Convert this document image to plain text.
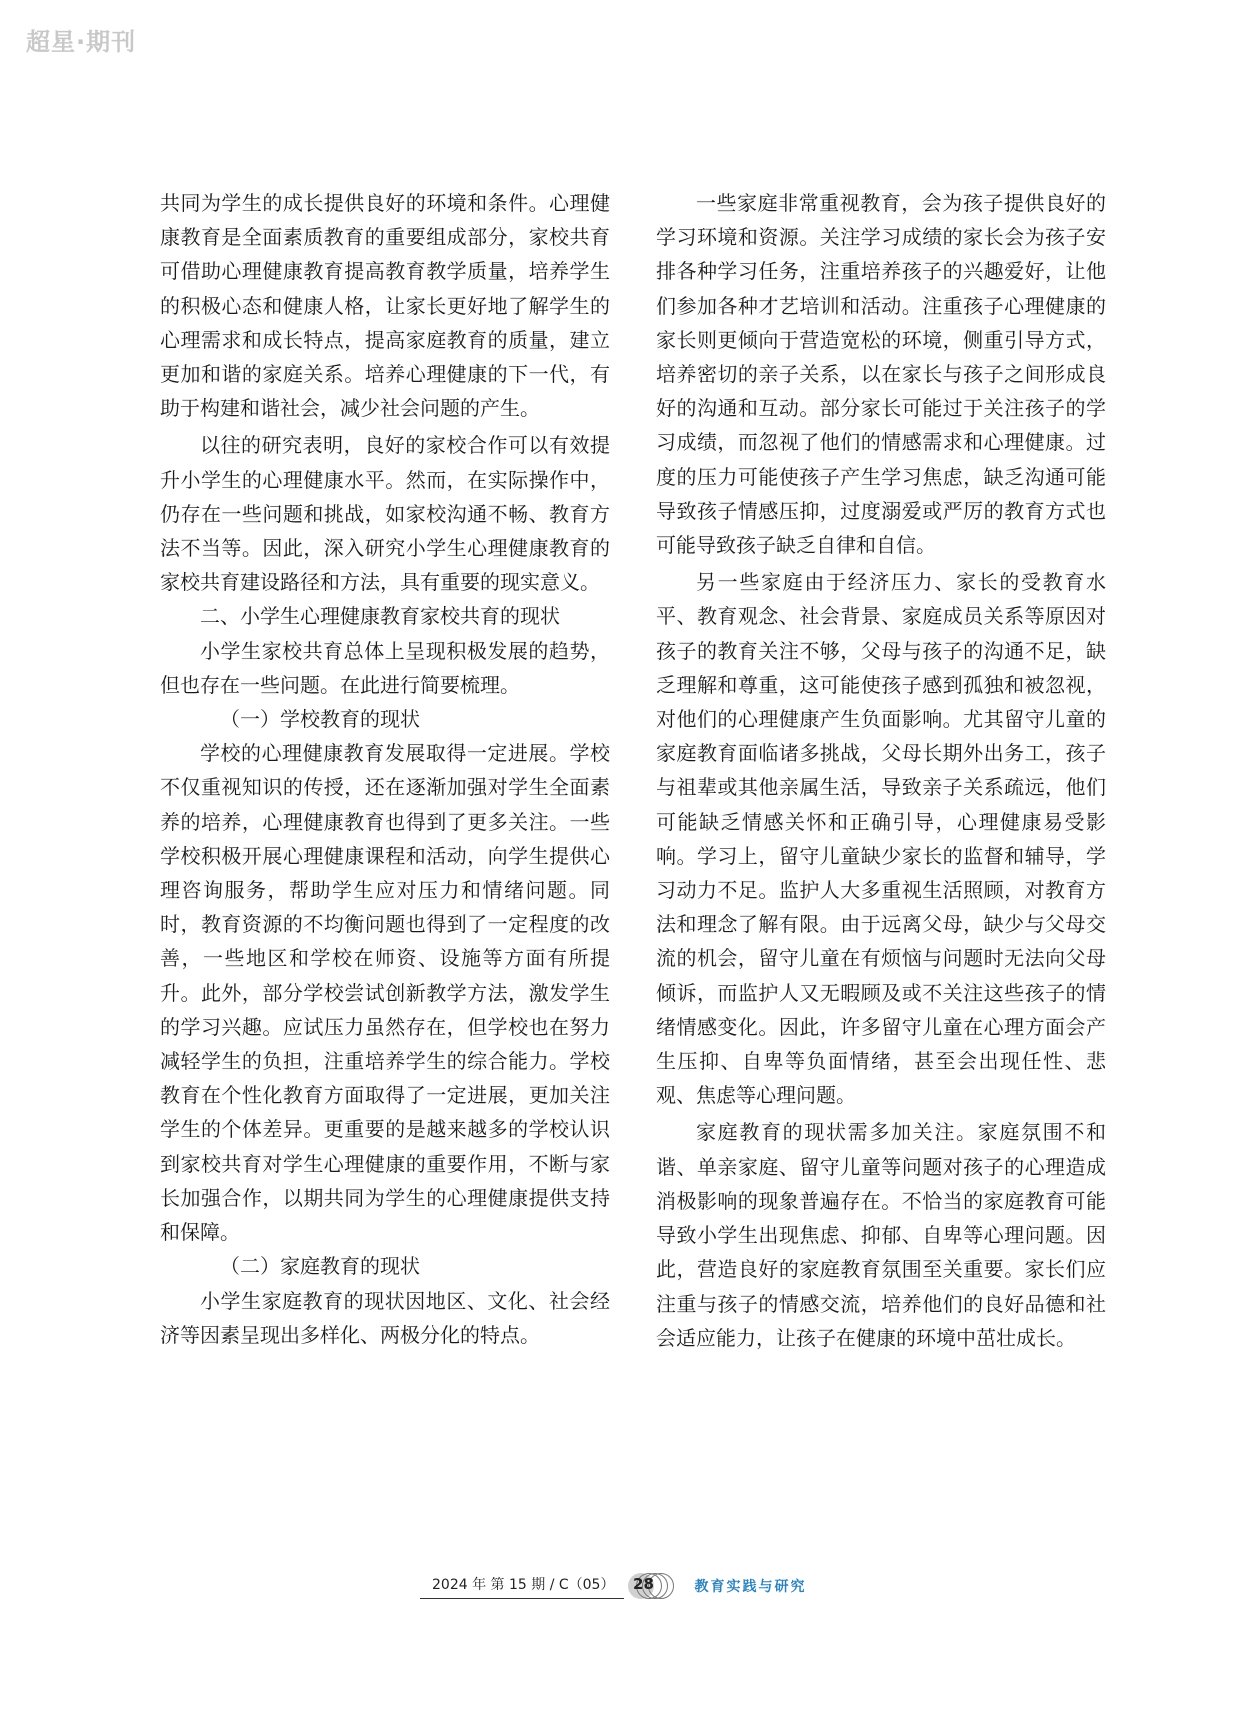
超星·期刊

共同为学生的成长提供良好的环境和条件。心理健康教育是全面素质教育的重要组成部分，家校共育可借助心理健康教育提高教育教学质量，培养学生的积极心态和健康人格，让家长更好地了解学生的心理需求和成长特点，提高家庭教育的质量，建立更加和谐的家庭关系。培养心理健康的下一代，有助于构建和谐社会，减少社会问题的产生。

以往的研究表明，良好的家校合作可以有效提升小学生的心理健康水平。然而，在实际操作中，仍存在一些问题和挑战，如家校沟通不畅、教育方法不当等。因此，深入研究小学生心理健康教育的家校共育建设路径和方法，具有重要的现实意义。

二、小学生心理健康教育家校共育的现状

小学生家校共育总体上呈现积极发展的趋势，但也存在一些问题。在此进行简要梳理。

（一）学校教育的现状

学校的心理健康教育发展取得一定进展。学校不仅重视知识的传授，还在逐渐加强对学生全面素养的培养，心理健康教育也得到了更多关注。一些学校积极开展心理健康课程和活动，向学生提供心理咨询服务，帮助学生应对压力和情绪问题。同时，教育资源的不均衡问题也得到了一定程度的改善，一些地区和学校在师资、设施等方面有所提升。此外，部分学校尝试创新教学方法，激发学生的学习兴趣。应试压力虽然存在，但学校也在努力减轻学生的负担，注重培养学生的综合能力。学校教育在个性化教育方面取得了一定进展，更加关注学生的个体差异。更重要的是越来越多的学校认识到家校共育对学生心理健康的重要作用，不断与家长加强合作，以期共同为学生的心理健康提供支持和保障。

（二）家庭教育的现状

小学生家庭教育的现状因地区、文化、社会经济等因素呈现出多样化、两极分化的特点。

一些家庭非常重视教育，会为孩子提供良好的学习环境和资源。关注学习成绩的家长会为孩子安排各种学习任务，注重培养孩子的兴趣爱好，让他们参加各种才艺培训和活动。注重孩子心理健康的家长则更倾向于营造宽松的环境，侧重引导方式，培养密切的亲子关系，以在家长与孩子之间形成良好的沟通和互动。部分家长可能过于关注孩子的学习成绩，而忽视了他们的情感需求和心理健康。过度的压力可能使孩子产生学习焦虑，缺乏沟通可能导致孩子情感压抑，过度溺爱或严厉的教育方式也可能导致孩子缺乏自律和自信。

另一些家庭由于经济压力、家长的受教育水平、教育观念、社会背景、家庭成员关系等原因对孩子的教育关注不够，父母与孩子的沟通不足，缺乏理解和尊重，这可能使孩子感到孤独和被忽视，对他们的心理健康产生负面影响。尤其留守儿童的家庭教育面临诸多挑战，父母长期外出务工，孩子与祖辈或其他亲属生活，导致亲子关系疏远，他们可能缺乏情感关怀和正确引导，心理健康易受影响。学习上，留守儿童缺少家长的监督和辅导，学习动力不足。监护人大多重视生活照顾，对教育方法和理念了解有限。由于远离父母，缺少与父母交流的机会，留守儿童在有烦恼与问题时无法向父母倾诉，而监护人又无暇顾及或不关注这些孩子的情绪情感变化。因此，许多留守儿童在心理方面会产生压抑、自卑等负面情绪，甚至会出现任性、悲观、焦虑等心理问题。

家庭教育的现状需多加关注。家庭氛围不和谐、单亲家庭、留守儿童等问题对孩子的心理造成消极影响的现象普遍存在。不恰当的家庭教育可能导致小学生出现焦虑、抑郁、自卑等心理问题。因此，营造良好的家庭教育氛围至关重要。家长们应注重与孩子的情感交流，培养他们的良好品德和社会适应能力，让孩子在健康的环境中茁壮成长。

2024 年 第 15 期 / C（05）	28	教育实践与研究
